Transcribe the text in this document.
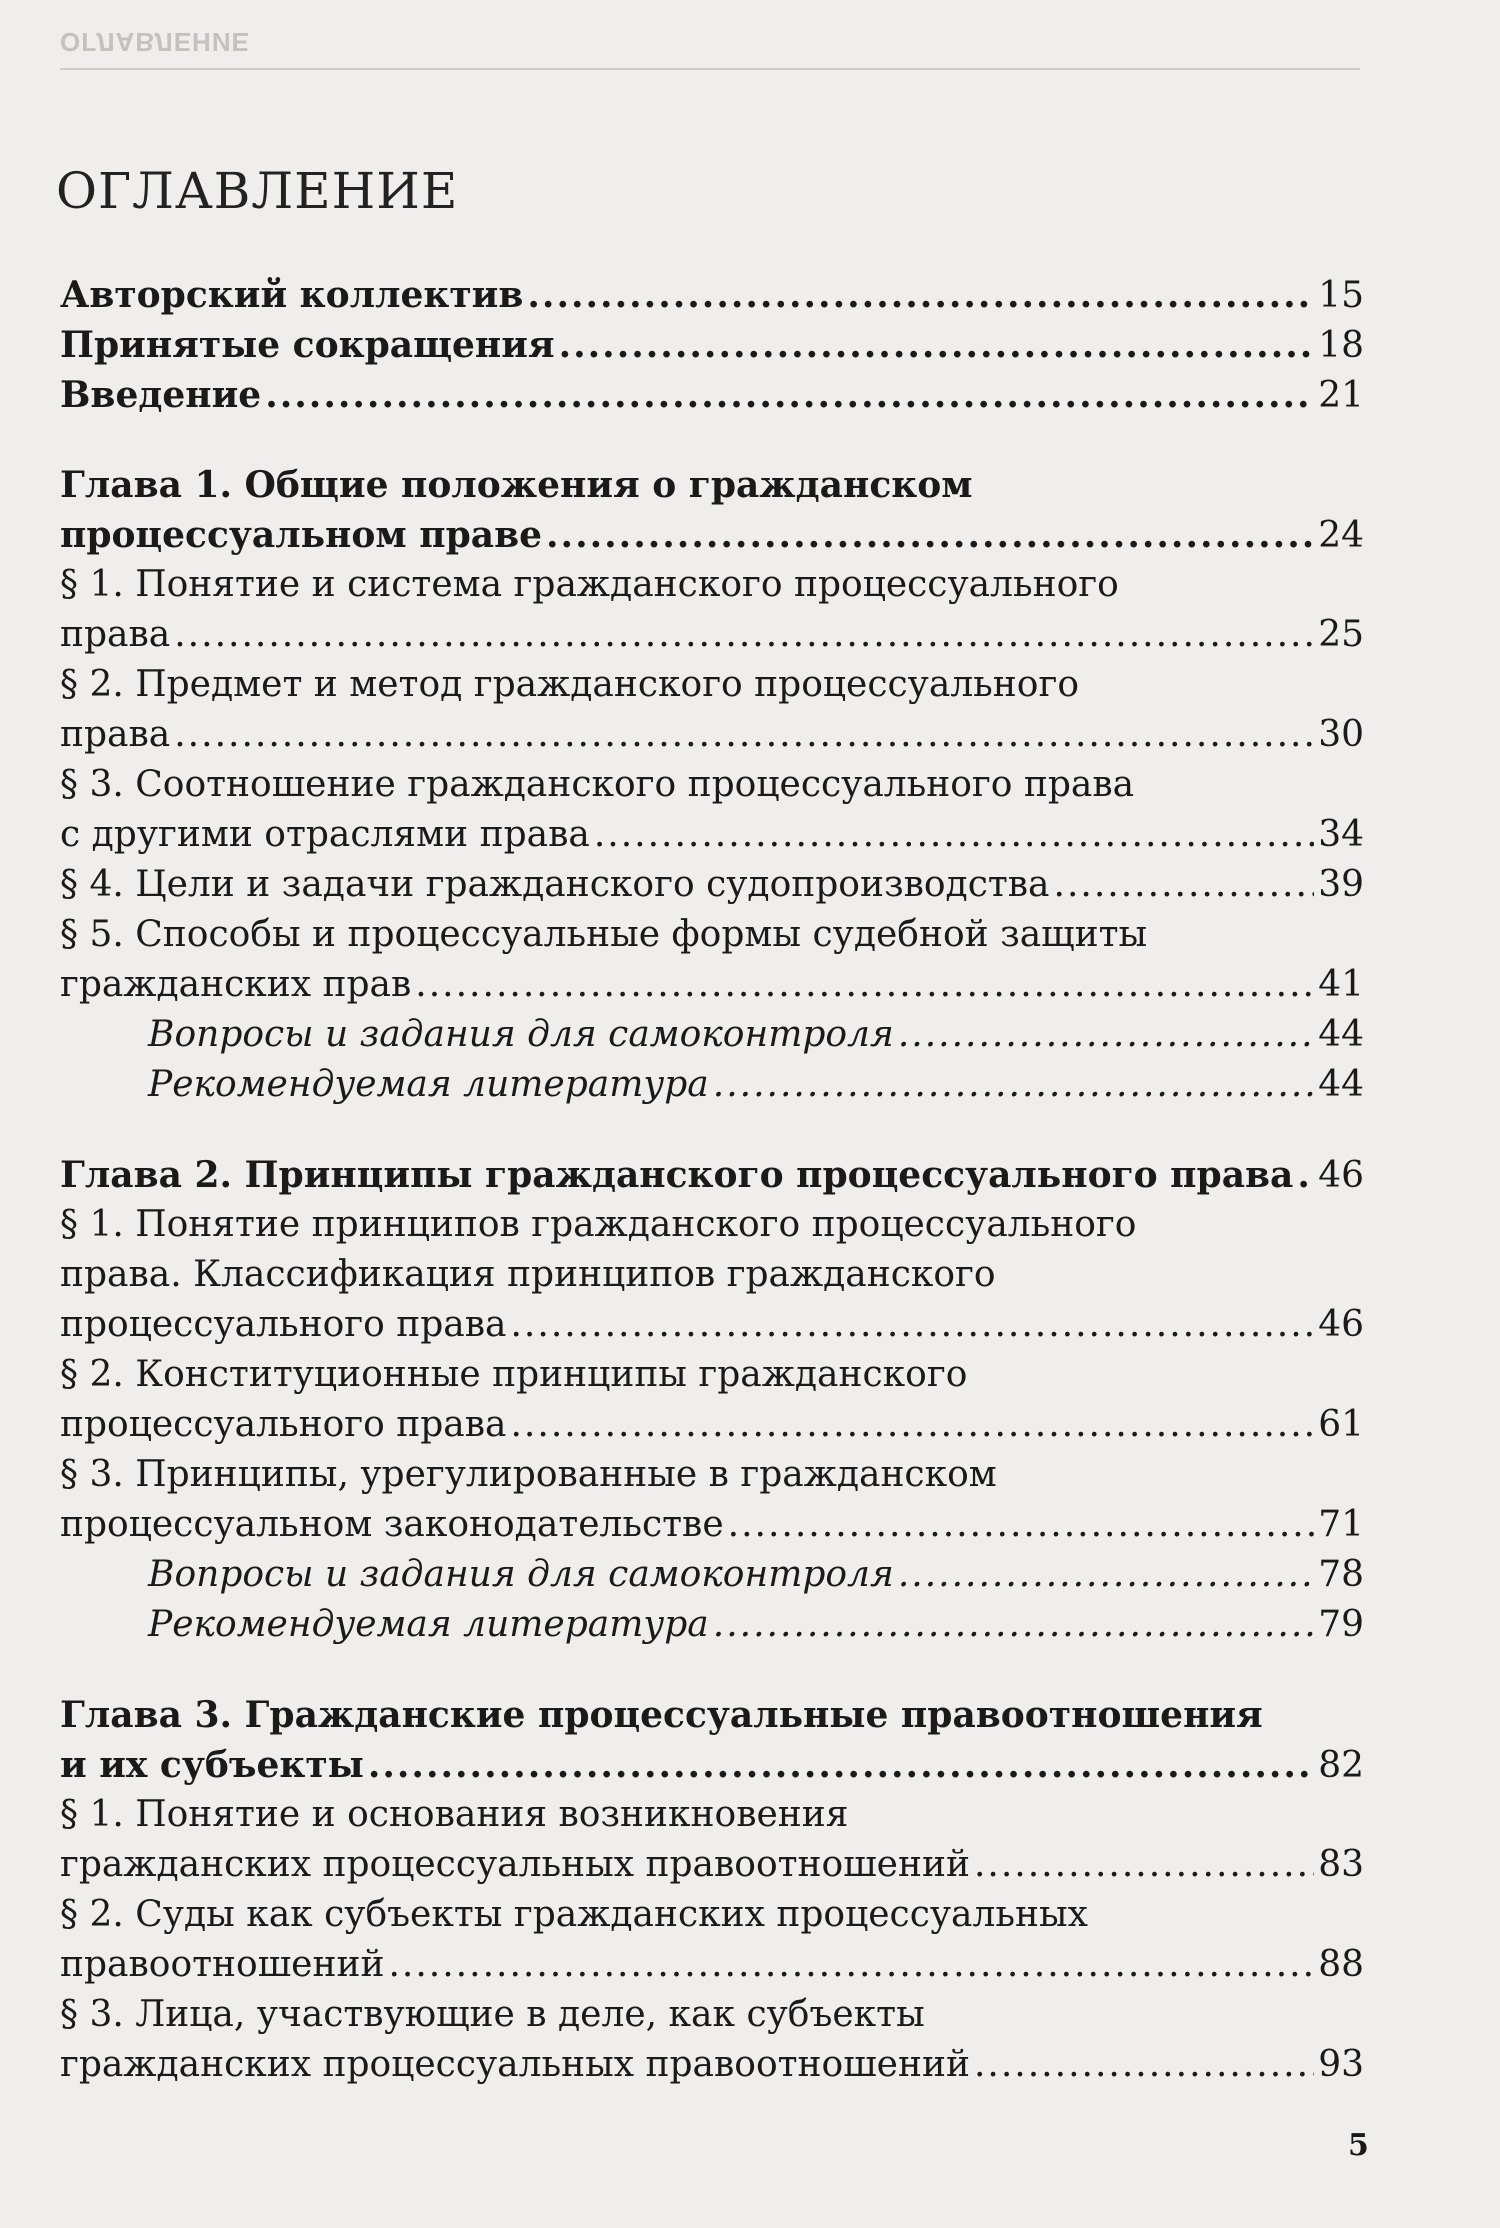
ОГЛАВЛЕНИЕ
ОГЛАВЛЕНИЕ
Авторский коллектив .....	15
Принятые сокращения .....	18
Введение .....	21
Глава 1. Общие положения о гражданском
процессуальном праве .....	24
§ 1. Понятие и система гражданского процессуального
права .....	25
§ 2. Предмет и метод гражданского процессуального
права .....	30
§ 3. Соотношение гражданского процессуального права
с другими отраслями права .....	34
§ 4. Цели и задачи гражданского судопроизводства .....	39
§ 5. Способы и процессуальные формы судебной защиты
гражданских прав .....	41
Вопросы и задания для самоконтроля .....	44
Рекомендуемая литература .....	44
Глава 2. Принципы гражданского процессуального права ..... 46
§ 1. Понятие принципов гражданского процессуального
права. Классификация принципов гражданского
процессуального права .....	46
§ 2. Конституционные принципы гражданского
процессуального права .....	61
§ 3. Принципы, урегулированные в гражданском
процессуальном законодательстве .....	71
Вопросы и задания для самоконтроля .....	78
Рекомендуемая литература .....	79
Глава 3. Гражданские процессуальные правоотношения
и их субъекты .....	82
§ 1. Понятие и основания возникновения
гражданских процессуальных правоотношений .....	83
§ 2. Суды как субъекты гражданских процессуальных
правоотношений .....	88
§ 3. Лица, участвующие в деле, как субъекты
гражданских процессуальных правоотношений .....	93
5
